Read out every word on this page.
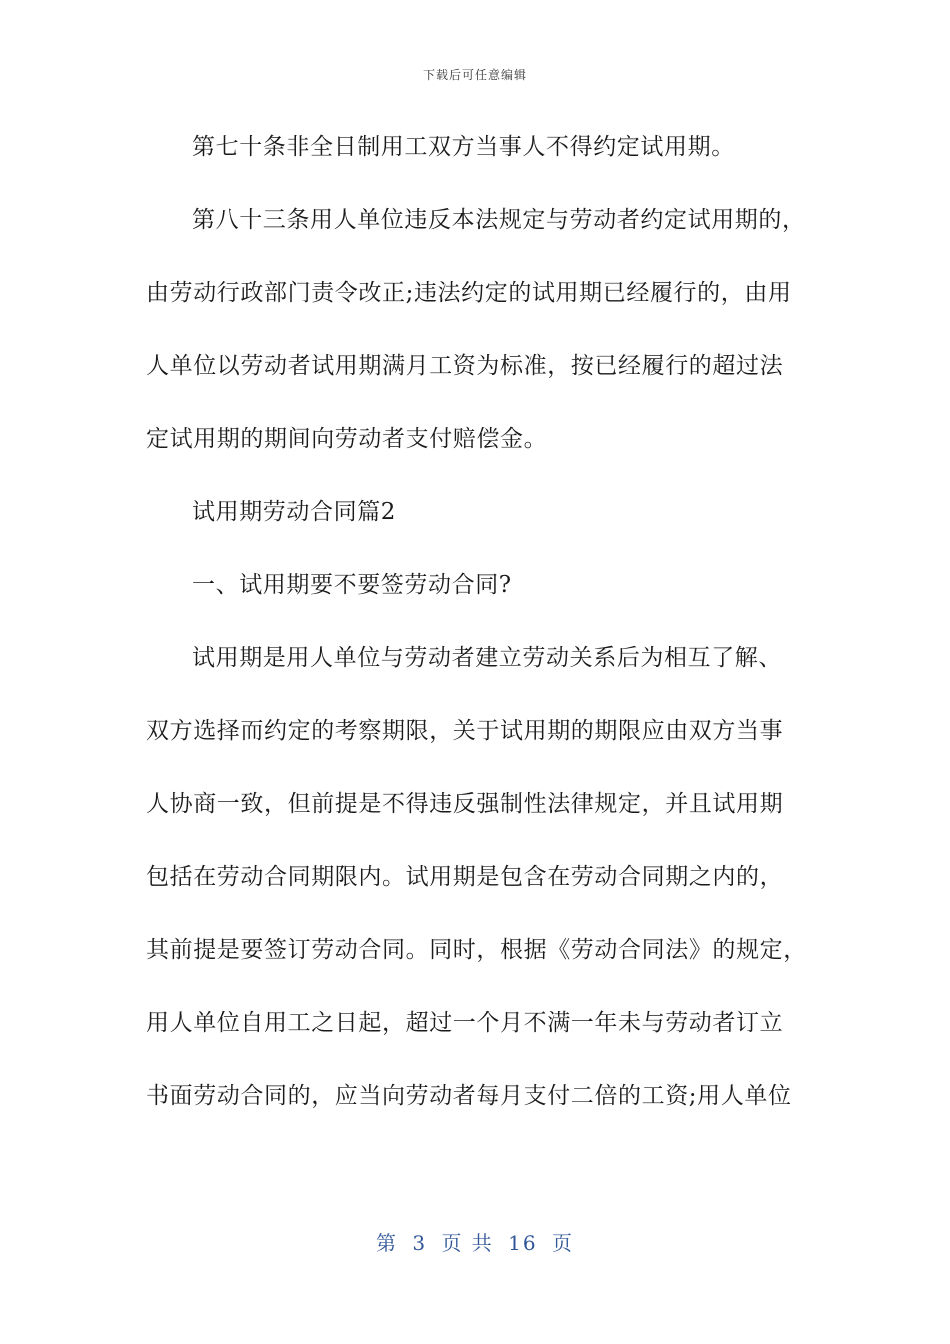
下载后可任意编辑
第七十条非全日制用工双方当事人不得约定试用期。
第八十三条用人单位违反本法规定与劳动者约定试用期的，
由劳动行政部门责令改正;违法约定的试用期已经履行的，由用
人单位以劳动者试用期满月工资为标准，按已经履行的超过法
定试用期的期间向劳动者支付赔偿金。
试用期劳动合同篇2
一、试用期要不要签劳动合同?
试用期是用人单位与劳动者建立劳动关系后为相互了解、
双方选择而约定的考察期限，关于试用期的期限应由双方当事
人协商一致，但前提是不得违反强制性法律规定，并且试用期
包括在劳动合同期限内。试用期是包含在劳动合同期之内的，
其前提是要签订劳动合同。同时，根据《劳动合同法》的规定，
用人单位自用工之日起，超过一个月不满一年未与劳动者订立
书面劳动合同的，应当向劳动者每月支付二倍的工资;用人单位
第 3 页 共 16 页
